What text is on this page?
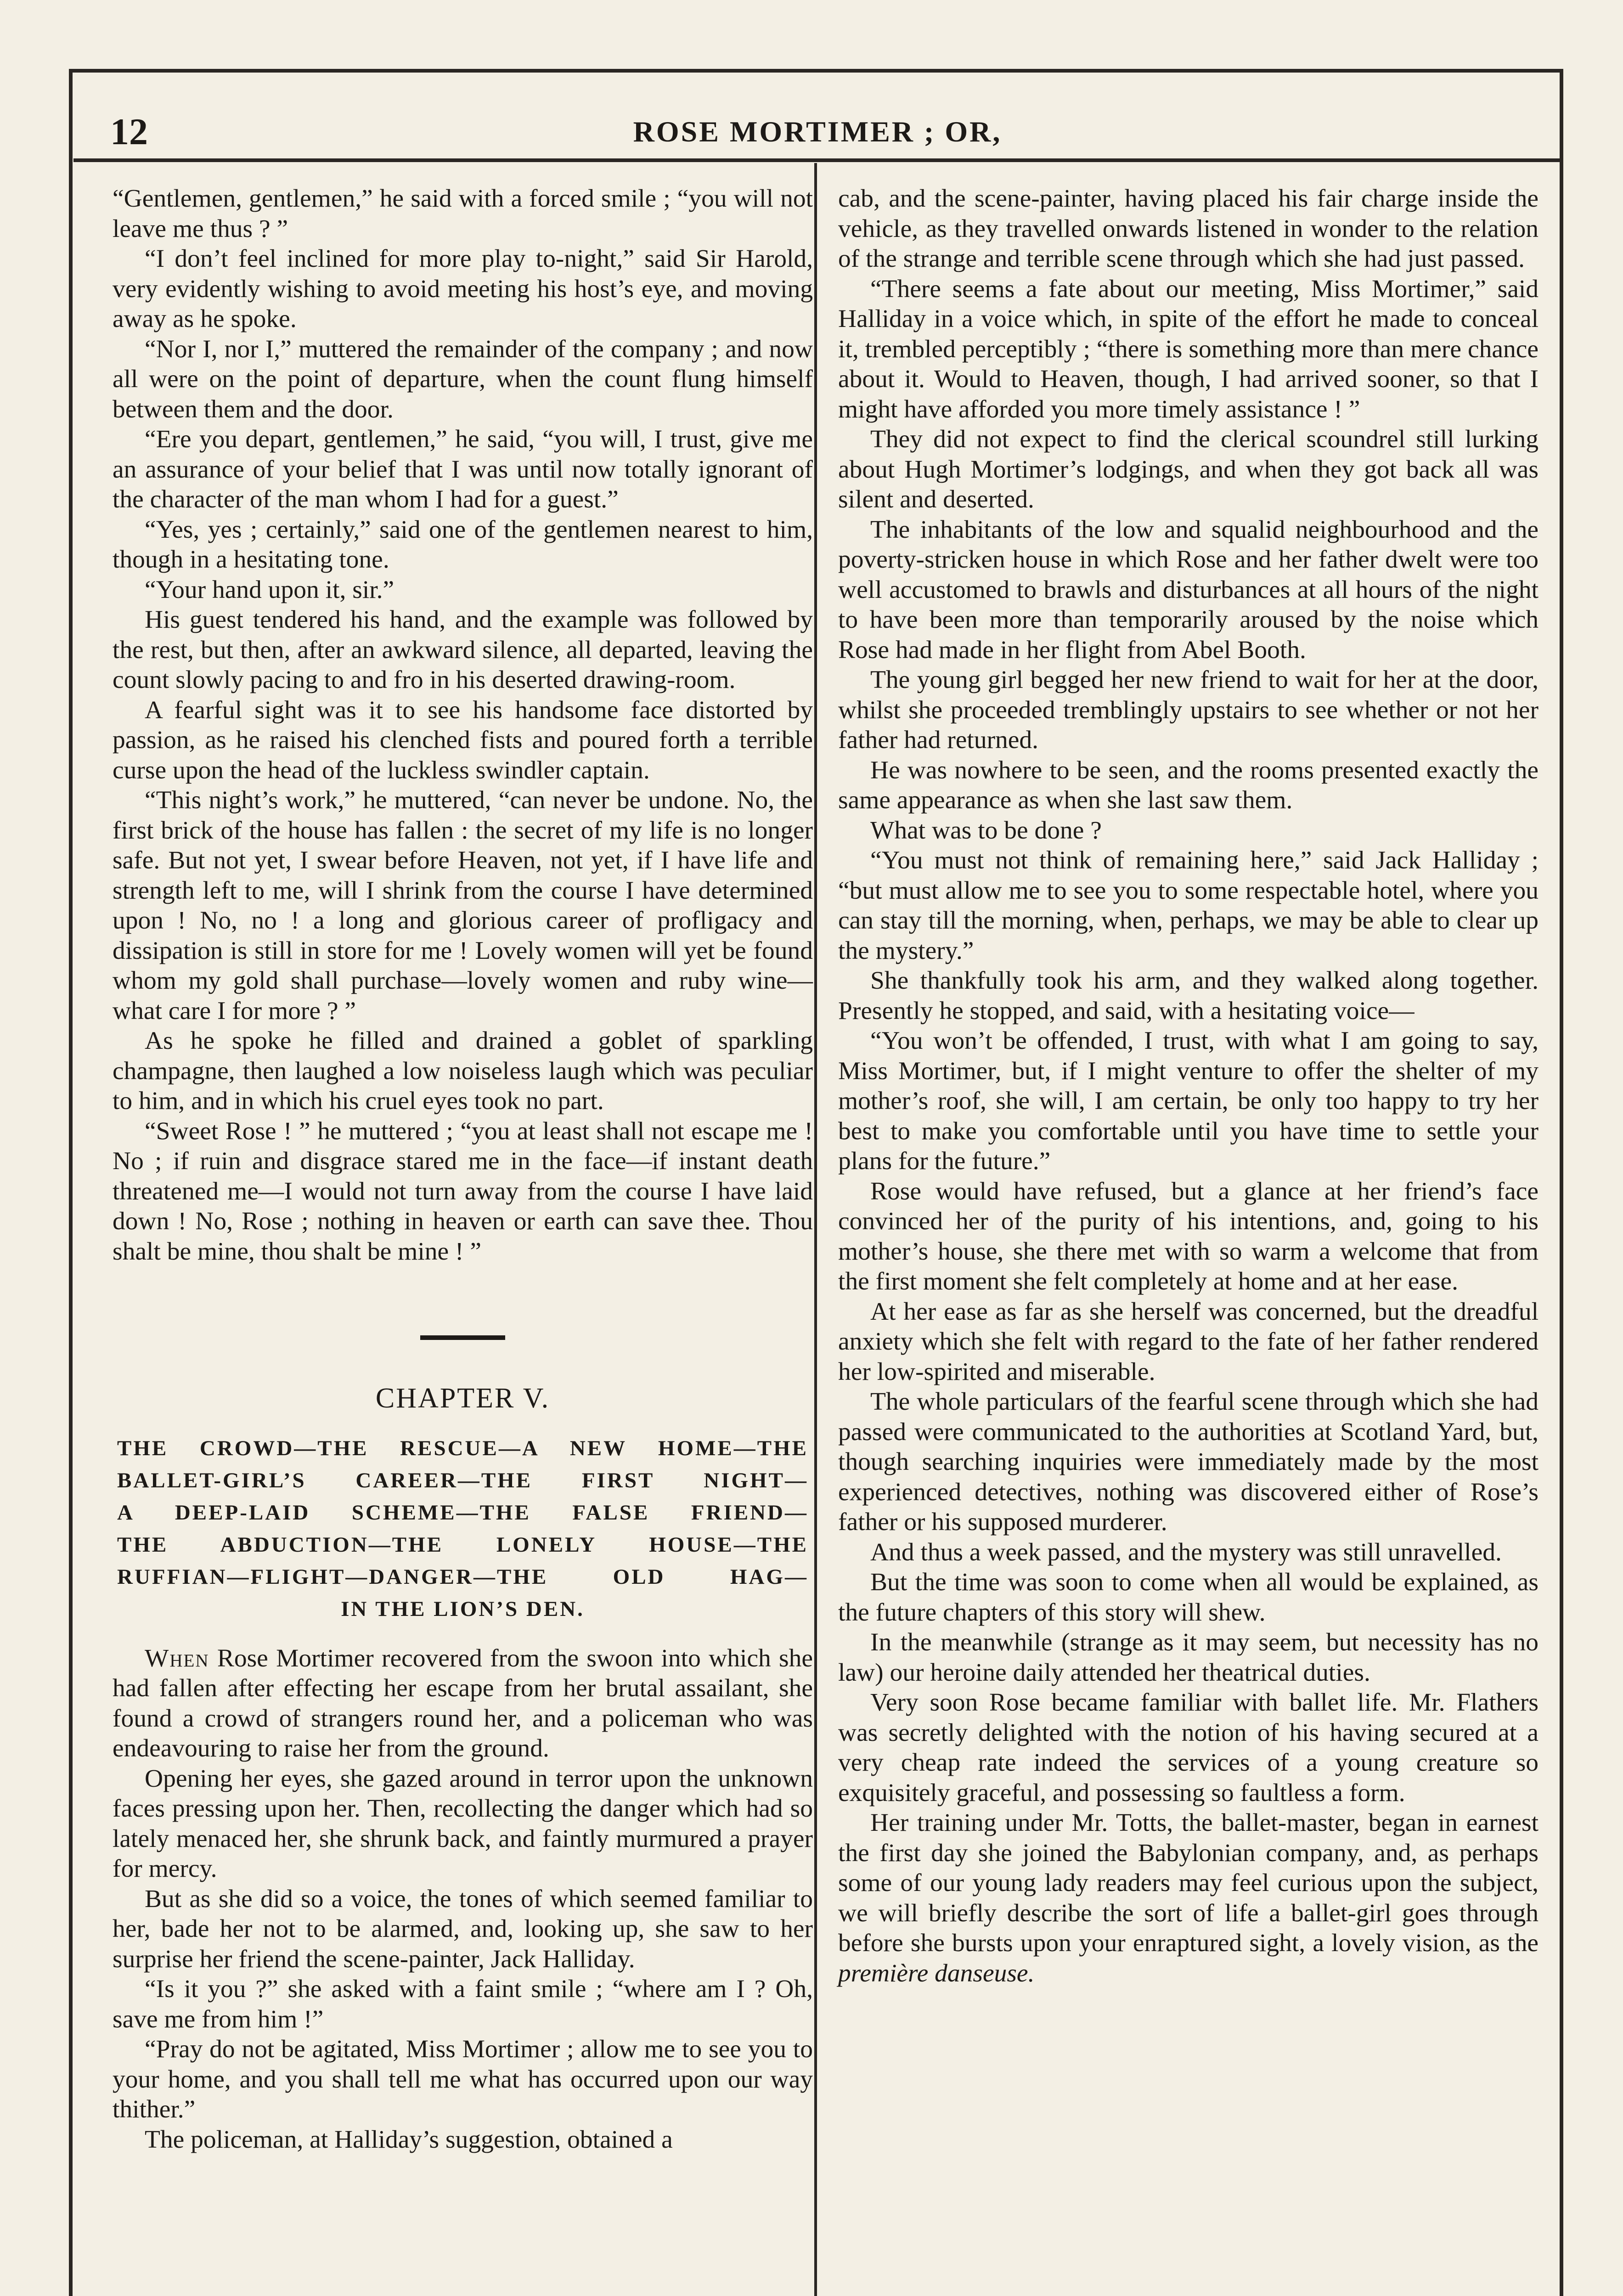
12	ROSE MORTIMER ; OR,

“Gentlemen, gentlemen,” he said with a forced smile ; “you will not leave me thus ? ”

“I don’t feel inclined for more play to-night,” said Sir Harold, very evidently wishing to avoid meeting his host’s eye, and moving away as he spoke.

“Nor I, nor I,” muttered the remainder of the company ; and now all were on the point of departure, when the count flung himself between them and the door.

“Ere you depart, gentlemen,” he said, “you will, I trust, give me an assurance of your belief that I was until now totally ignorant of the character of the man whom I had for a guest.”

“Yes, yes ; certainly,” said one of the gentlemen nearest to him, though in a hesitating tone.

“Your hand upon it, sir.”

His guest tendered his hand, and the example was followed by the rest, but then, after an awkward silence, all departed, leaving the count slowly pacing to and fro in his deserted drawing-room.

A fearful sight was it to see his handsome face distorted by passion, as he raised his clenched fists and poured forth a terrible curse upon the head of the luckless swindler captain.

“This night’s work,” he muttered, “can never be undone. No, the first brick of the house has fallen : the secret of my life is no longer safe. But not yet, I swear before Heaven, not yet, if I have life and strength left to me, will I shrink from the course I have determined upon ! No, no ! a long and glorious career of profligacy and dissipation is still in store for me ! Lovely women will yet be found whom my gold shall purchase—lovely women and ruby wine—what care I for more ? ”

As he spoke he filled and drained a goblet of sparkling champagne, then laughed a low noiseless laugh which was peculiar to him, and in which his cruel eyes took no part.

“Sweet Rose ! ” he muttered ; “you at least shall not escape me ! No ; if ruin and disgrace stared me in the face—if instant death threatened me—I would not turn away from the course I have laid down ! No, Rose ; nothing in heaven or earth can save thee. Thou shalt be mine, thou shalt be mine ! ”

CHAPTER V.
THE CROWD—THE RESCUE—A NEW HOME—THE
BALLET-GIRL’S CAREER—THE FIRST NIGHT—
A DEEP-LAID SCHEME—THE FALSE FRIEND—
THE ABDUCTION—THE LONELY HOUSE—THE
RUFFIAN—FLIGHT—DANGER—THE OLD HAG—
IN THE LION’S DEN.

When Rose Mortimer recovered from the swoon into which she had fallen after effecting her escape from her brutal assailant, she found a crowd of strangers round her, and a policeman who was endeavouring to raise her from the ground.

Opening her eyes, she gazed around in terror upon the unknown faces pressing upon her. Then, recollecting the danger which had so lately menaced her, she shrunk back, and faintly murmured a prayer for mercy.

But as she did so a voice, the tones of which seemed familiar to her, bade her not to be alarmed, and, looking up, she saw to her surprise her friend the scene-painter, Jack Halliday.

“Is it you ?” she asked with a faint smile ; “where am I ? Oh, save me from him !”

“Pray do not be agitated, Miss Mortimer ; allow me to see you to your home, and you shall tell me what has occurred upon our way thither.”

The policeman, at Halliday’s suggestion, obtained a

cab, and the scene-painter, having placed his fair charge inside the vehicle, as they travelled onwards listened in wonder to the relation of the strange and terrible scene through which she had just passed.

“There seems a fate about our meeting, Miss Mortimer,” said Halliday in a voice which, in spite of the effort he made to conceal it, trembled perceptibly ; “there is something more than mere chance about it. Would to Heaven, though, I had arrived sooner, so that I might have afforded you more timely assistance ! ”

They did not expect to find the clerical scoundrel still lurking about Hugh Mortimer’s lodgings, and when they got back all was silent and deserted.

The inhabitants of the low and squalid neighbourhood and the poverty-stricken house in which Rose and her father dwelt were too well accustomed to brawls and disturbances at all hours of the night to have been more than temporarily aroused by the noise which Rose had made in her flight from Abel Booth.

The young girl begged her new friend to wait for her at the door, whilst she proceeded tremblingly upstairs to see whether or not her father had returned.

He was nowhere to be seen, and the rooms presented exactly the same appearance as when she last saw them.

What was to be done ?

“You must not think of remaining here,” said Jack Halliday ; “but must allow me to see you to some respectable hotel, where you can stay till the morning, when, perhaps, we may be able to clear up the mystery.”

She thankfully took his arm, and they walked along together. Presently he stopped, and said, with a hesitating voice—

“You won’t be offended, I trust, with what I am going to say, Miss Mortimer, but, if I might venture to offer the shelter of my mother’s roof, she will, I am certain, be only too happy to try her best to make you comfortable until you have time to settle your plans for the future.”

Rose would have refused, but a glance at her friend’s face convinced her of the purity of his intentions, and, going to his mother’s house, she there met with so warm a welcome that from the first moment she felt completely at home and at her ease.

At her ease as far as she herself was concerned, but the dreadful anxiety which she felt with regard to the fate of her father rendered her low-spirited and miserable.

The whole particulars of the fearful scene through which she had passed were communicated to the authorities at Scotland Yard, but, though searching inquiries were immediately made by the most experienced detectives, nothing was discovered either of Rose’s father or his supposed murderer.

And thus a week passed, and the mystery was still unravelled.

But the time was soon to come when all would be explained, as the future chapters of this story will shew.

In the meanwhile (strange as it may seem, but necessity has no law) our heroine daily attended her theatrical duties.

Very soon Rose became familiar with ballet life. Mr. Flathers was secretly delighted with the notion of his having secured at a very cheap rate indeed the services of a young creature so exquisitely graceful, and possessing so faultless a form.

Her training under Mr. Totts, the ballet-master, began in earnest the first day she joined the Babylonian company, and, as perhaps some of our young lady readers may feel curious upon the subject, we will briefly describe the sort of life a ballet-girl goes through before she bursts upon your enraptured sight, a lovely vision, as the première danseuse.
